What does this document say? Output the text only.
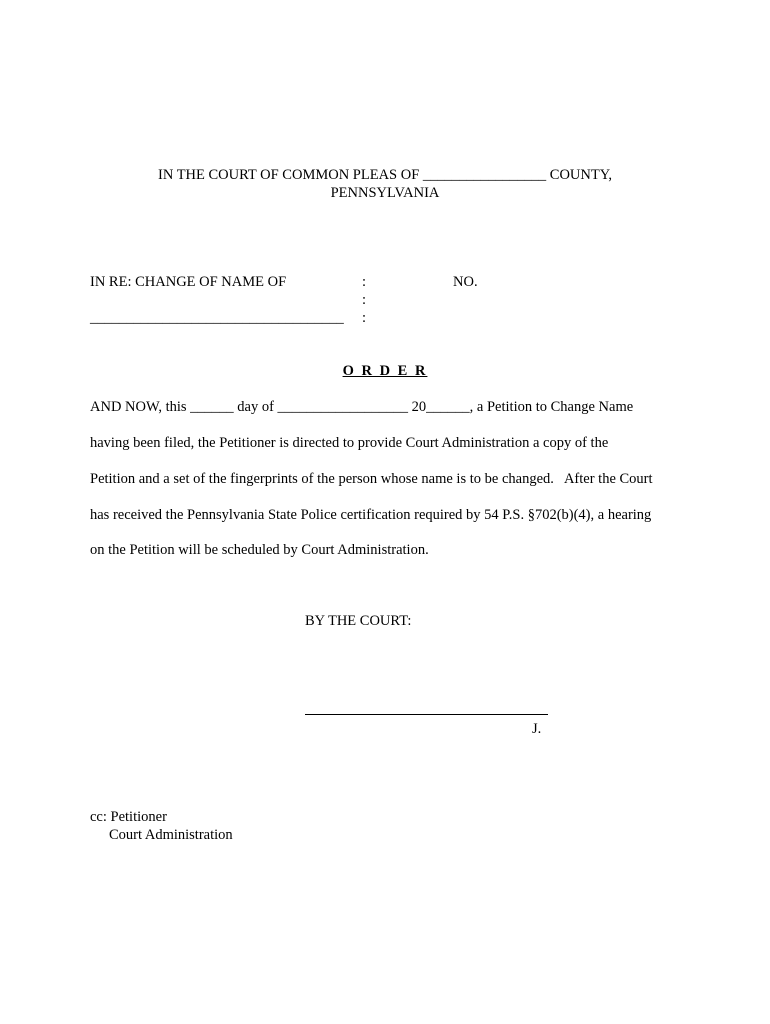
IN THE COURT OF COMMON PLEAS OF _________________ COUNTY,
PENNSYLVANIA
IN RE: CHANGE OF NAME OF	:
:
___________________________________ :
NO.
O R D E R
AND NOW, this ______ day of __________________ 20______, a Petition to Change Name
having been filed, the Petitioner is directed to provide Court Administration a copy of the
Petition and a set of the fingerprints of the person whose name is to be changed.   After the Court
has received the Pennsylvania State Police certification required by 54 P.S. §702(b)(4), a hearing
on the Petition will be scheduled by Court Administration.
BY THE COURT:
J.
cc: Petitioner
Court Administration
